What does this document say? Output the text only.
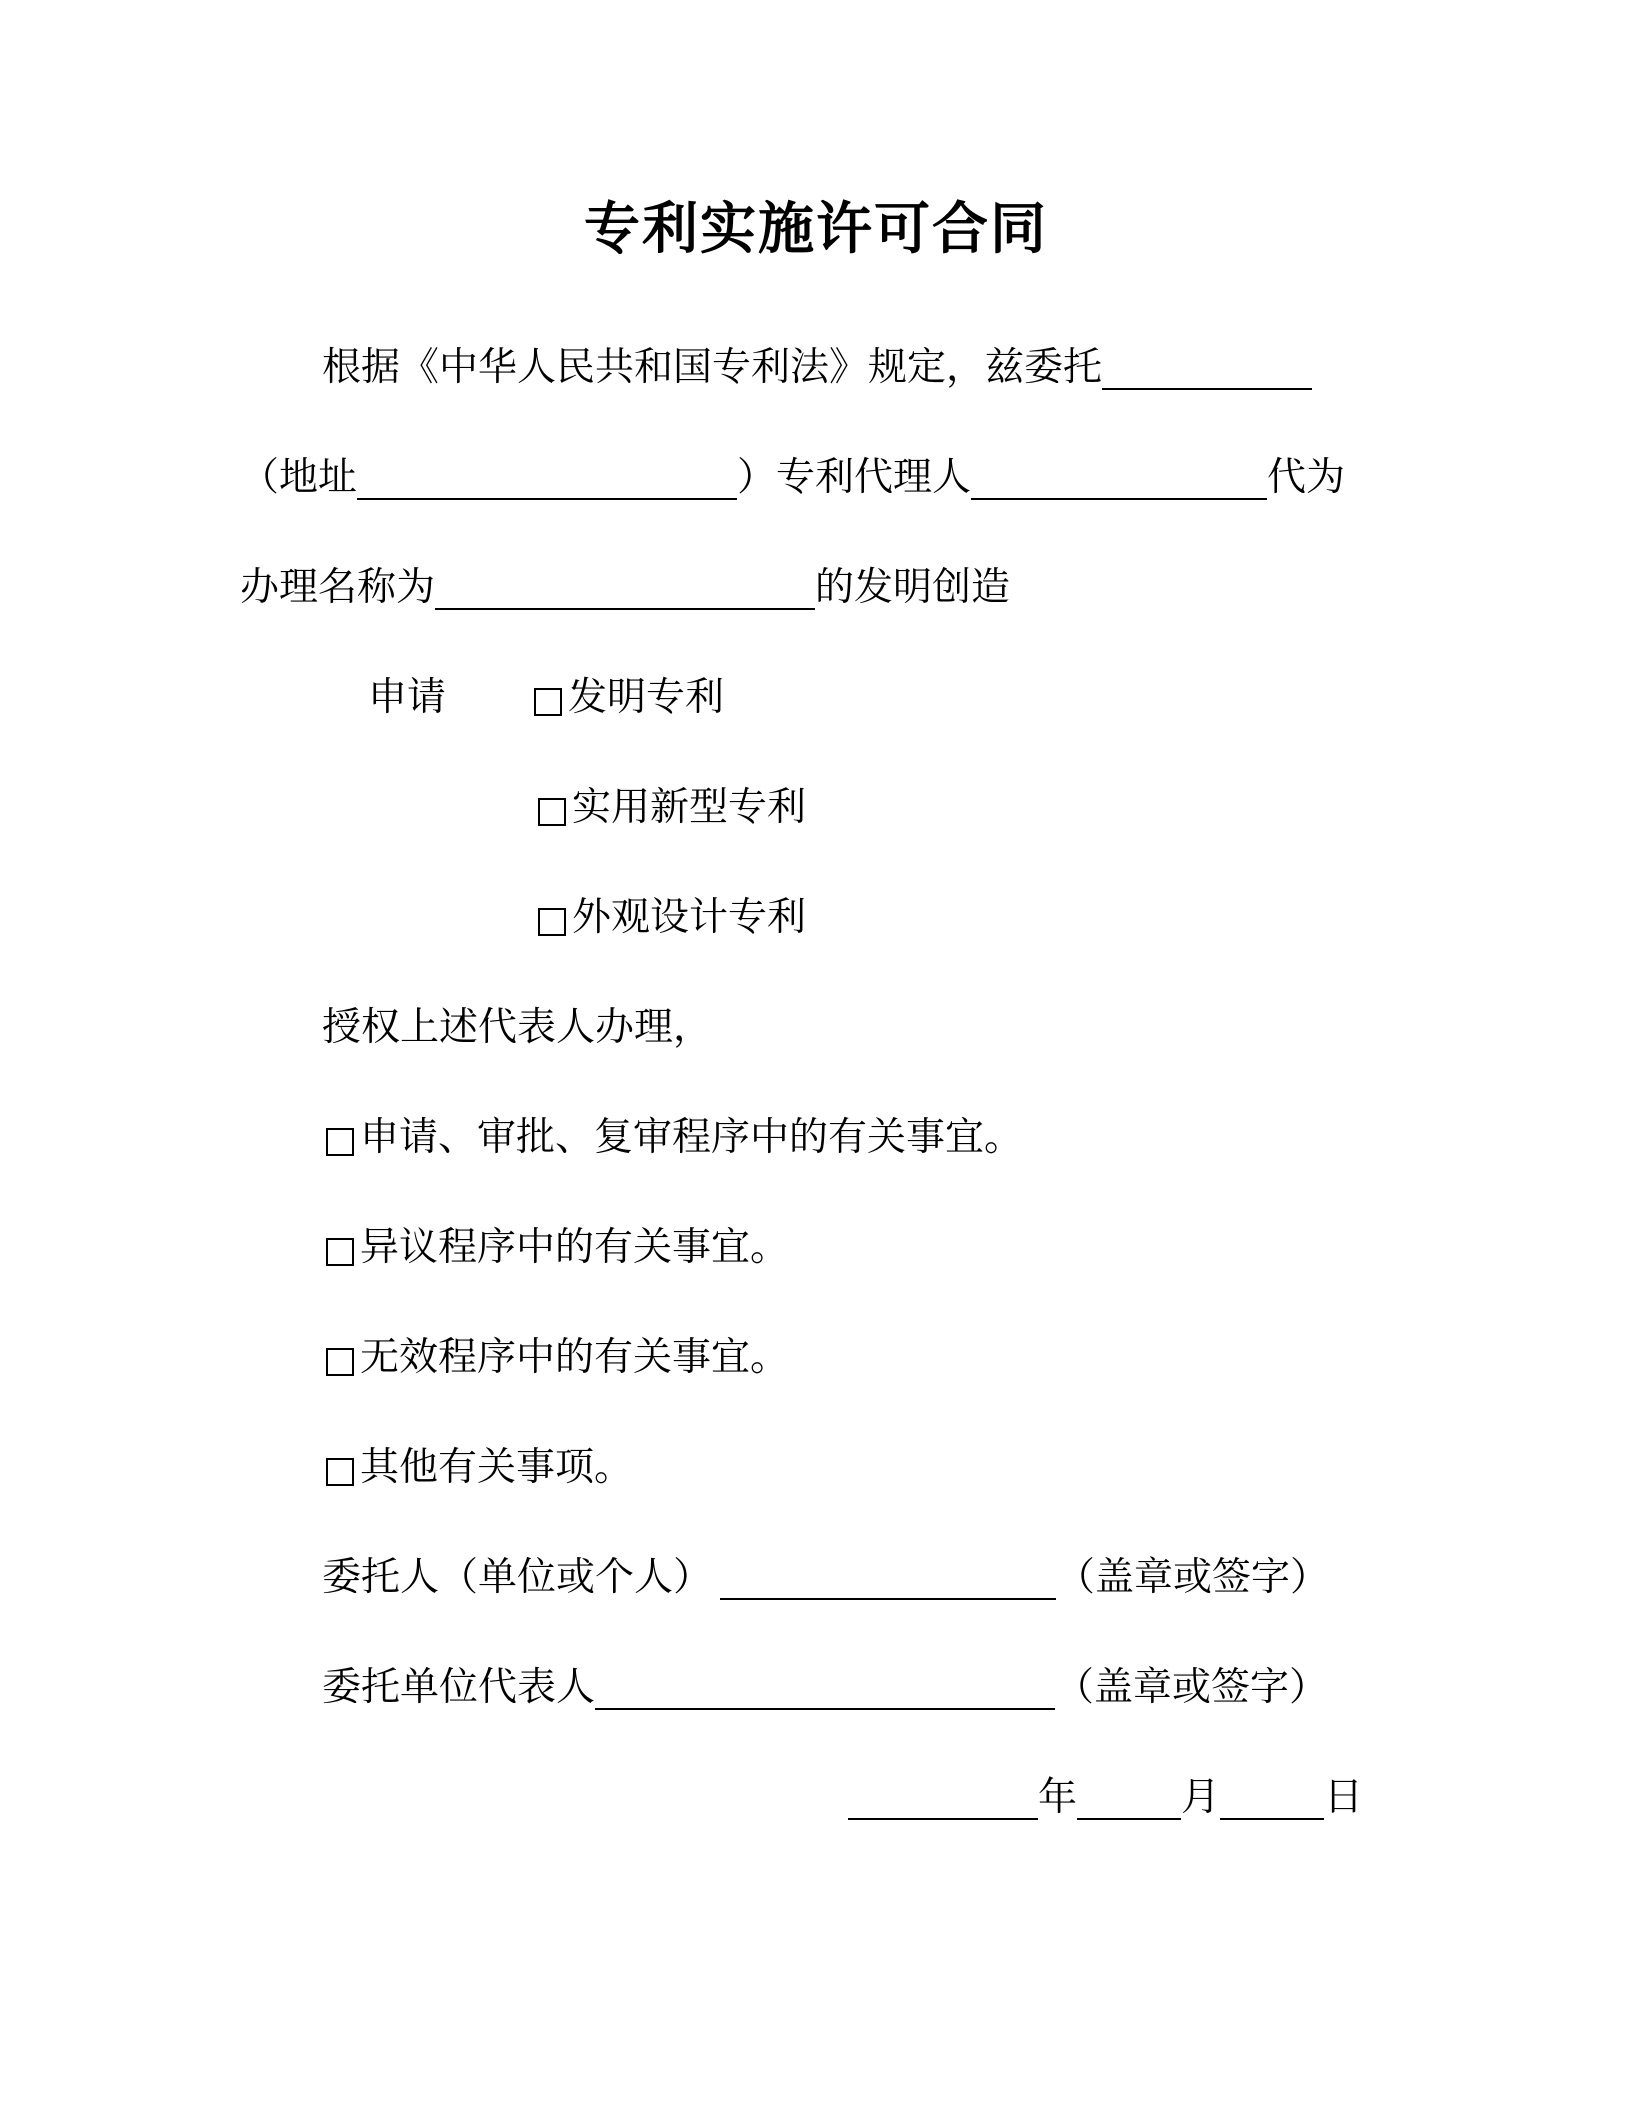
专利实施许可合同
根据《中华人民共和国专利法》规定，兹委托
（地址	）专利代理人	代为
办理名称为	的发明创造
申请	发明专利
实用新型专利
外观设计专利
授权上述代表人办理，
申请、审批、复审程序中的有关事宜。
异议程序中的有关事宜。
无效程序中的有关事宜。
其他有关事项。
委托人（单位或个人）	（盖章或签字）
委托单位代表人	（盖章或签字）
年	月	日
